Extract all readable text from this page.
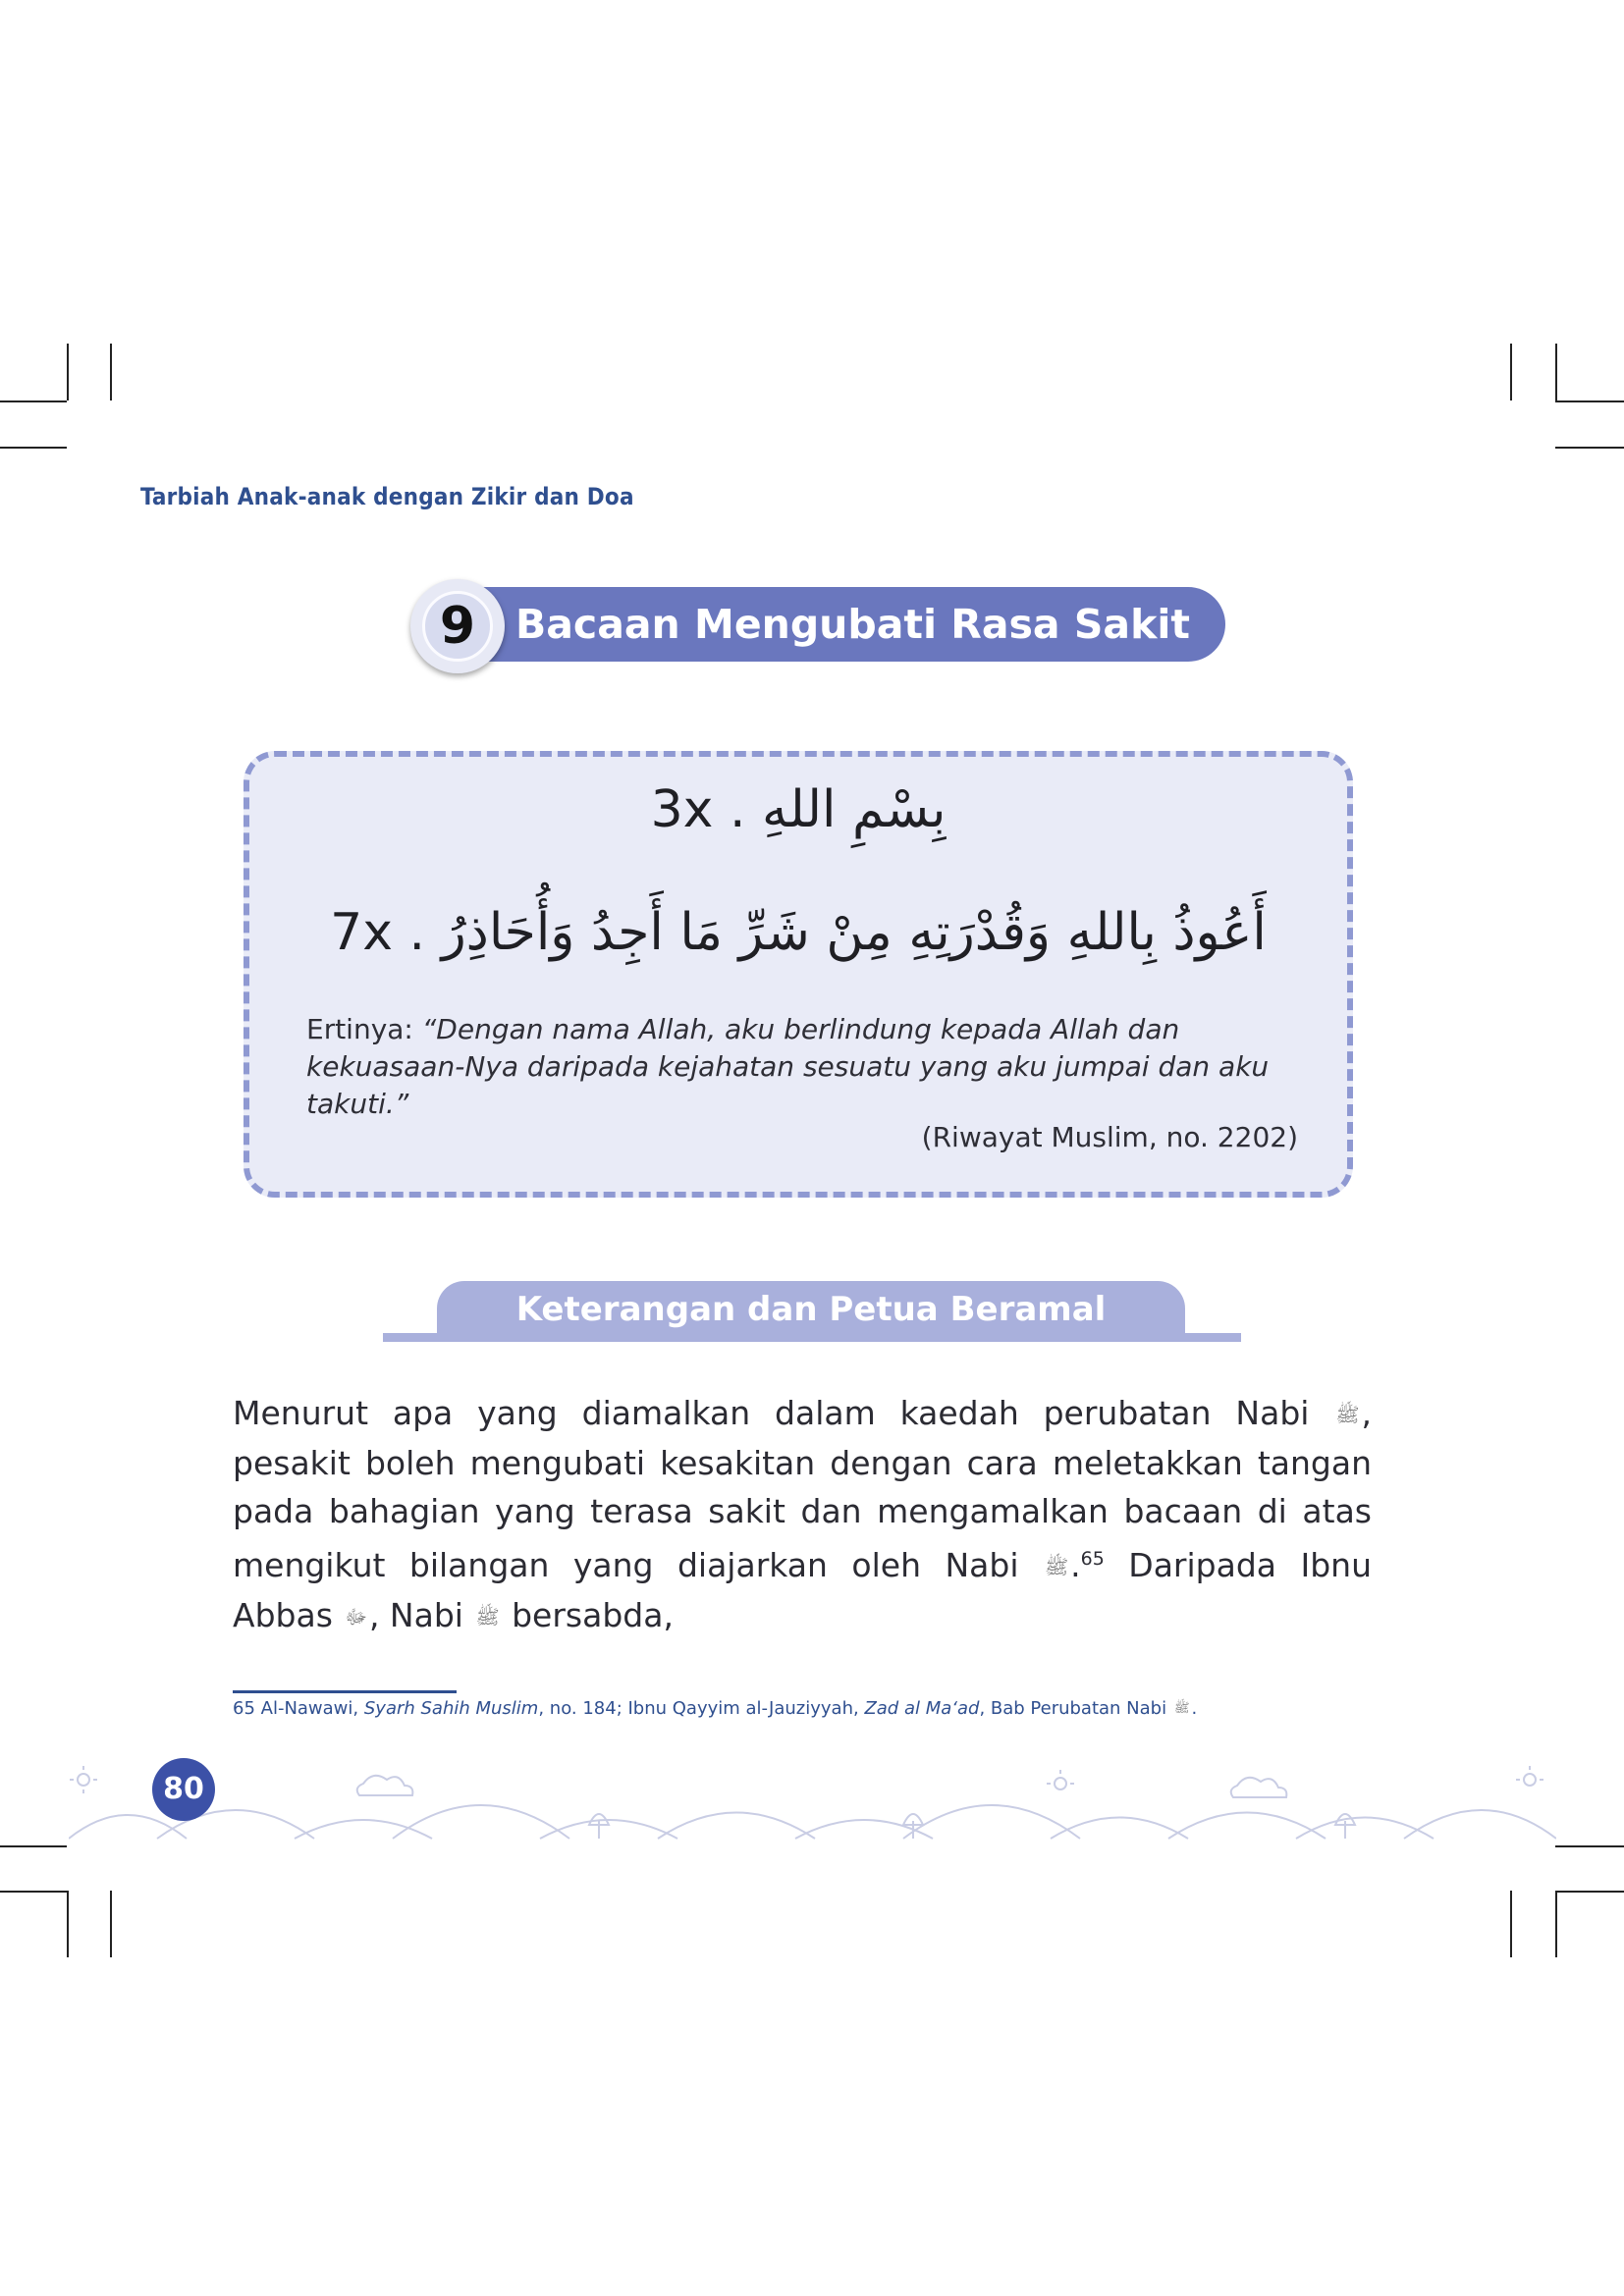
Tarbiah Anak-anak dengan Zikir dan Doa
Bacaan Mengubati Rasa Sakit
9
بِسْمِ اللهِ . 3x
أَعُوذُ بِاللهِ وَقُدْرَتِهِ مِنْ شَرِّ مَا أَجِدُ وَأُحَاذِرُ . 7x
Ertinya: “Dengan nama Allah, aku berlindung kepada Allah dan kekuasaan-Nya daripada kejahatan sesuatu yang aku jumpai dan aku takuti.”
(Riwayat Muslim, no. 2202)
Keterangan dan Petua Beramal
Menurut apa yang diamalkan dalam kaedah perubatan Nabi ﷺ, pesakit boleh mengubati kesakitan dengan cara meletakkan tangan pada bahagian yang terasa sakit dan mengamalkan bacaan di atas mengikut bilangan yang diajarkan oleh Nabi ﷺ.$^{65}$ Daripada Ibnu Abbas ﷻ, Nabi ﷺ bersabda,
65 Al-Nawawi, Syarh Sahih Muslim, no. 184; Ibnu Qayyim al-Jauziyyah, Zad al Ma‘ad, Bab Perubatan Nabi ﷺ .
80
